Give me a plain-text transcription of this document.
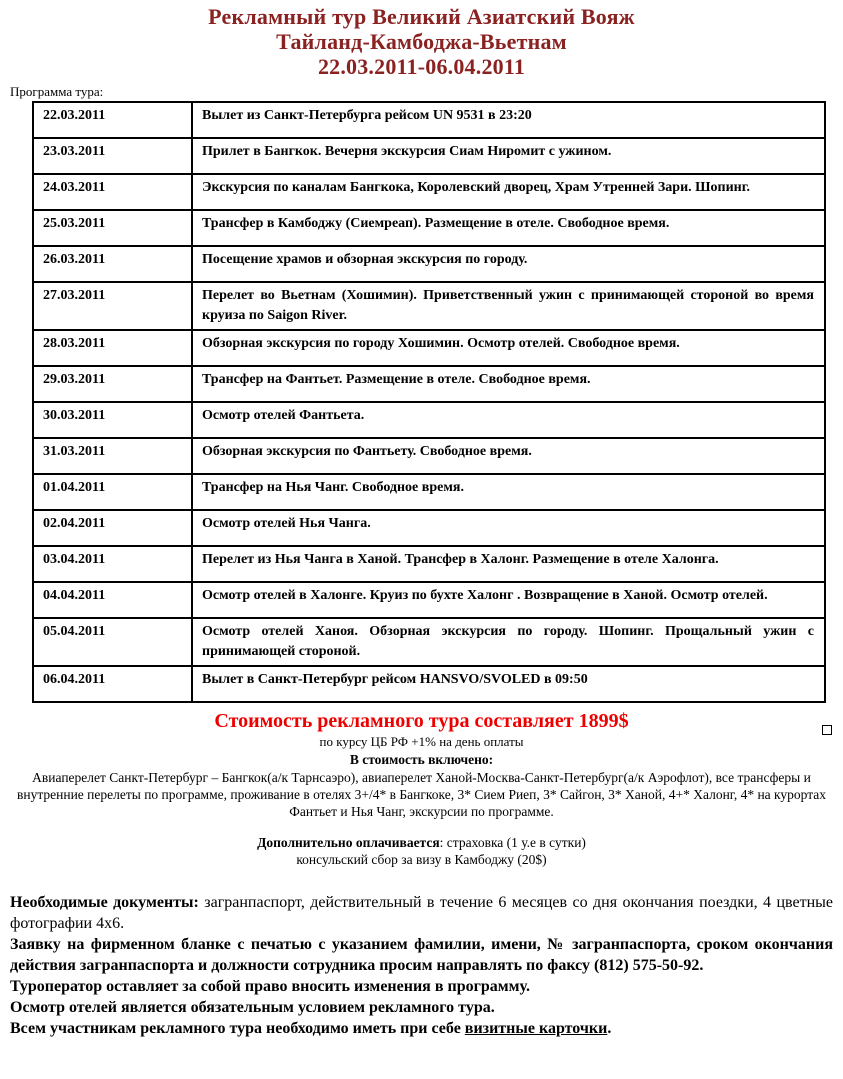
Рекламный тур Великий Азиатский Вояж
Тайланд-Камбоджа-Вьетнам
22.03.2011-06.04.2011
Программа тура:
22.03.2011	Вылет из Санкт-Петербурга рейсом UN 9531 в 23:20
23.03.2011	Прилет в Бангкок. Вечерня экскурсия Сиам Ниромит с ужином.
24.03.2011	Экскурсия по каналам Бангкока, Королевский дворец, Храм Утренней Зари. Шопинг.
25.03.2011	Трансфер в Камбоджу (Сиемреап). Размещение в отеле. Свободное время.
26.03.2011	Посещение храмов и обзорная экскурсия по городу.
27.03.2011	Перелет во Вьетнам (Хошимин). Приветственный ужин с принимающей стороной во время круиза по Saigon River.
28.03.2011	Обзорная экскурсия по городу Хошимин. Осмотр отелей. Свободное время.
29.03.2011	Трансфер на Фантьет. Размещение в отеле. Свободное время.
30.03.2011	Осмотр отелей Фантьета.
31.03.2011	Обзорная экскурсия по Фантьету. Свободное время.
01.04.2011	Трансфер на Нья Чанг. Свободное время.
02.04.2011	Осмотр отелей Нья Чанга.
03.04.2011	Перелет из Нья Чанга в Ханой. Трансфер в Халонг. Размещение в отеле Халонга.
04.04.2011	Осмотр отелей в Халонге. Круиз по бухте Халонг . Возвращение в Ханой. Осмотр отелей.
05.04.2011	Осмотр отелей Ханоя. Обзорная экскурсия по городу. Шопинг. Прощальный ужин с принимающей стороной.
06.04.2011	Вылет в Санкт-Петербург рейсом HANSVO/SVOLED в 09:50
Стоимость рекламного тура составляет 1899$
по курсу ЦБ РФ +1% на день оплаты
В стоимость включено:
Авиаперелет Санкт-Петербург – Бангкок(а/к Тарнсаэро), авиаперелет Ханой-Москва-Санкт-Петербург(а/к Аэрофлот), все трансферы и внутренние перелеты по программе, проживание в отелях 3+/4* в Бангкоке, 3* Сием Риеп, 3* Сайгон, 3* Ханой, 4+* Халонг, 4* на курортах Фантьет и Нья Чанг, экскурсии по программе.
Дополнительно оплачивается: страховка (1 у.е в сутки)
консульский сбор за визу в Камбоджу (20$)

Необходимые документы: загранпаспорт, действительный в течение 6 месяцев со дня окончания поездки, 4 цветные фотографии 4х6.

Заявку на фирменном бланке с печатью с указанием фамилии, имени, № загранпаспорта, сроком окончания действия загранпаспорта и должности сотрудника просим направлять по факсу (812) 575-50-92.

Туроператор оставляет за собой право вносить изменения в программу.

Осмотр отелей является обязательным условием рекламного тура.

Всем участникам рекламного тура необходимо иметь при себе визитные карточки.
